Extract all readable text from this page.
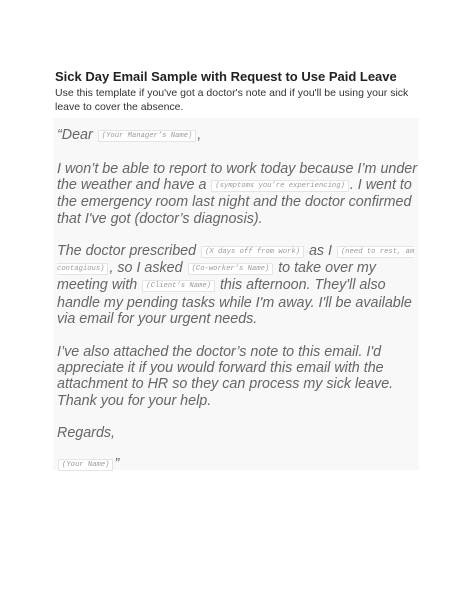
Sick Day Email Sample with Request to Use Paid Leave
Use this template if you've got a doctor's note and if you'll be using your sick leave to cover the absence.

“Dear (Your Manager’s Name) ,

I won’t be able to report to work today because I’m under the weather and have a (symptoms you’re experiencing) . I went to the emergency room last night and the doctor confirmed that I've got (doctor’s diagnosis).

The doctor prescribed (X days off from work) as I (need to rest, am contagious) , so I asked (Co-worker’s Name) to take over my meeting with (Client’s Name) this afternoon. They'll also handle my pending tasks while I'm away. I'll be available via email for your urgent needs.

I’ve also attached the doctor’s note to this email. I'd appreciate it if you would forward this email with the attachment to HR so they can process my sick leave. Thank you for your help.

Regards,

(Your Name) ”
